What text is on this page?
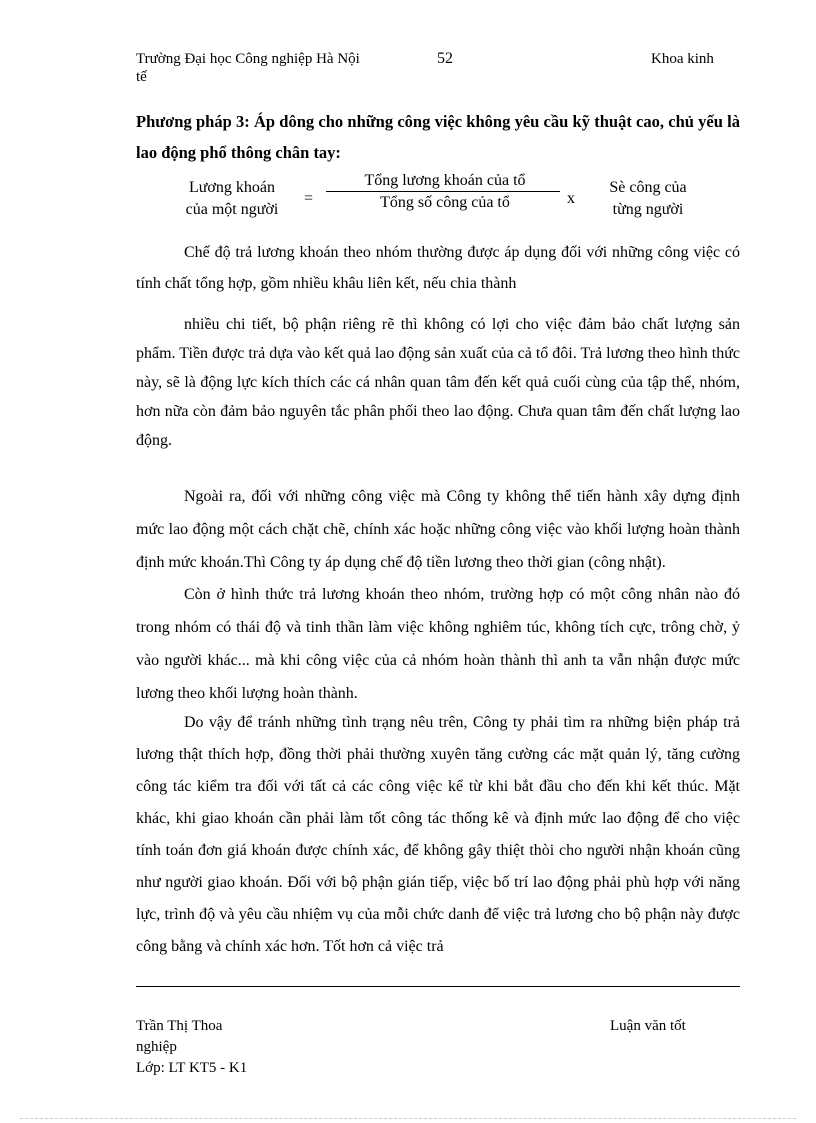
Trường Đại học Công nghiệp Hà Nội	52	Khoa kinh
tế
Phương pháp 3: Áp dông cho những công việc không yêu cầu kỹ thuật cao, chủ yếu là lao động phổ thông chân tay:
Lương khoán
của một người
=
Tổng lương khoán của tổ
Tổng số công của tổ	x
Sè công của
từng người

Chế độ trả lương khoán theo nhóm thường được áp dụng đối với những công việc có tính chất tổng hợp, gồm nhiều khâu liên kết, nếu chia thành

nhiều chi tiết, bộ phận riêng rẽ thì không có lợi cho việc đảm bảo chất lượng sản phẩm. Tiền được trả dựa vào kết quả lao động sản xuất của cả tổ đôi. Trả lương theo hình thức này, sẽ là động lực kích thích các cá nhân quan tâm đến kết quả cuối cùng của tập thể, nhóm, hơn nữa còn đảm bảo nguyên tắc phân phối theo lao động. Chưa quan tâm đến chất lượng lao động.

Ngoài ra, đối với những công việc mà Công ty không thể tiến hành xây dựng định mức lao động một cách chặt chẽ, chính xác hoặc những công việc vào khối lượng hoàn thành định mức khoán.Thì Công ty áp dụng chế độ tiền lương theo thời gian (công nhật).

Còn ở hình thức trả lương khoán theo nhóm, trường hợp có một công nhân nào đó trong nhóm có thái độ và tinh thần làm việc không nghiêm túc, không tích cực, trông chờ, ỷ vào người khác... mà khi công việc của cả nhóm hoàn thành thì anh ta vẫn nhận được mức lương theo khối lượng hoàn thành.

Do vậy để tránh những tình trạng nêu trên, Công ty phải tìm ra những biện pháp trả lương thật thích hợp, đồng thời phải thường xuyên tăng cường các mặt quản lý, tăng cường công tác kiểm tra đối với tất cả các công việc kể từ khi bắt đầu cho đến khi kết thúc. Mặt khác, khi giao khoán cần phải làm tốt công tác thống kê và định mức lao động để cho việc tính toán đơn giá khoán được chính xác, để không gây thiệt thòi cho người nhận khoán cũng như người giao khoán. Đối với bộ phận gián tiếp, việc bố trí lao động phải phù hợp với năng lực, trình độ và yêu cầu nhiệm vụ của mỗi chức danh để việc trả lương cho bộ phận này được công bằng và chính xác hơn. Tốt hơn cả việc trả

Trần Thị Thoa	Luận văn tốt
nghiệp
Lớp: LT KT5 - K1
